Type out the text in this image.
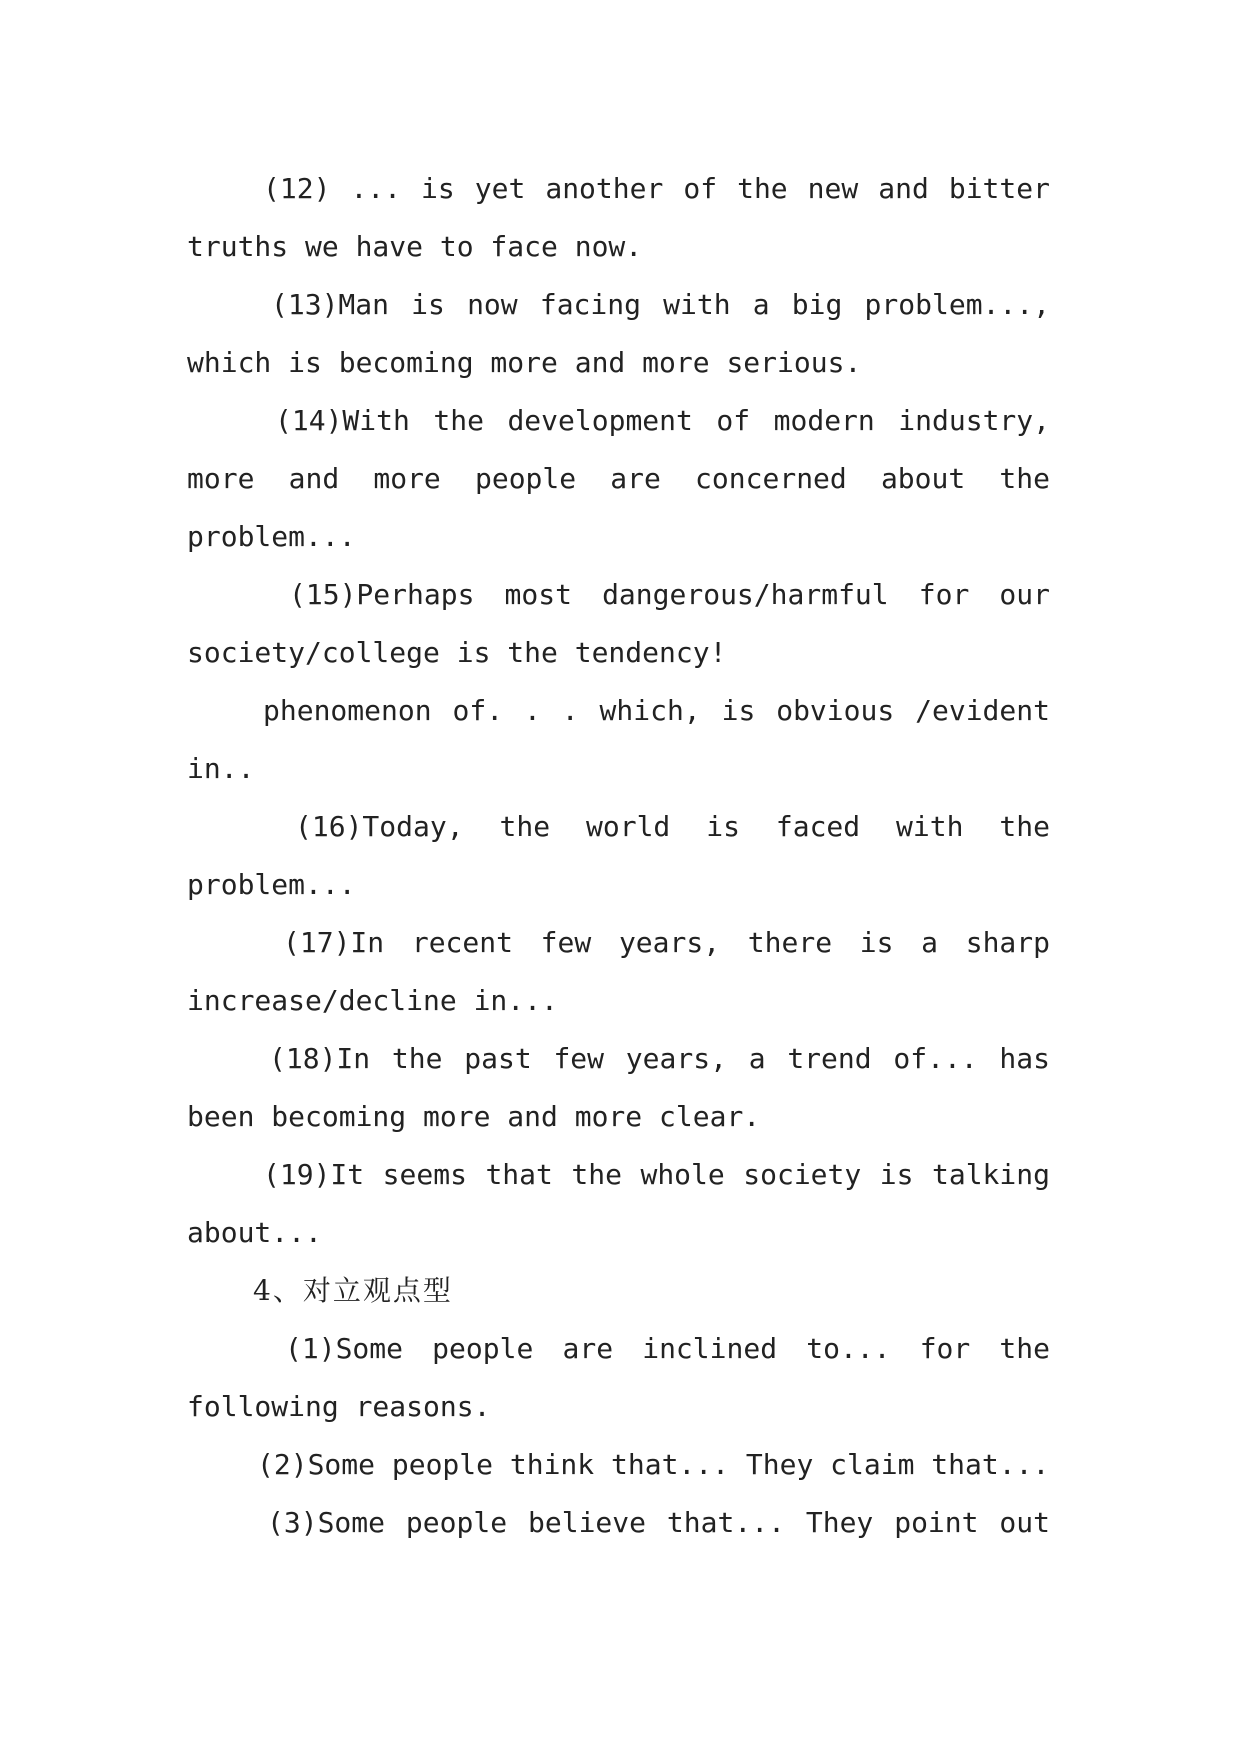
(12) ... is yet another of the new and bitter truths we have to face now.

(13)Man is now facing with a big problem..., which is becoming more and more serious.

(14)With the development of modern industry, more and more people are concerned about the problem...

(15)Perhaps most dangerous/harmful for our society/college is the tendency!

phenomenon of. . . which, is obvious /evident in..

(16)Today, the world is faced with the problem...

(17)In recent few years, there is a sharp increase/decline in...

(18)In the past few years, a trend of... has been becoming more and more clear.

(19)It seems that the whole society is talking about...

4、对立观点型

(1)Some people are inclined to... for the following reasons.

(2)Some people think that... They claim that...

(3)Some people believe that... They point out
